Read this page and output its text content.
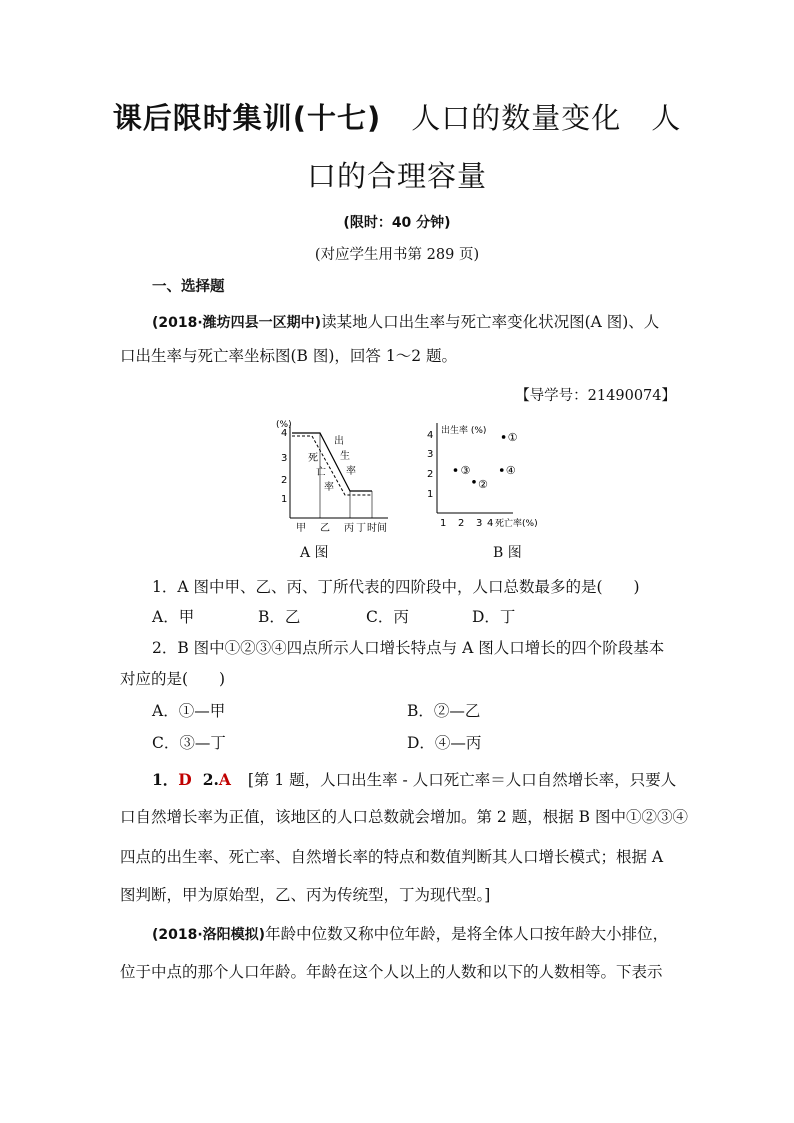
课后限时集训(十七) 人口的数量变化　人
口的合理容量
(限时：40 分钟)
(对应学生用书第 289 页)
一、选择题
(2018·潍坊四县一区期中)读某地人口出生率与死亡率变化状况图(A 图)、人
口出生率与死亡率坐标图(B 图)，回答 1～2 题。
【导学号：21490074】
(%)
4
3
2
1
出
生
率
死
亡
率
甲 乙 丙 丁 时间
A 图
出生率 (%)
死亡率(%)
4
3
2
1
1 2 3 4
①
②
③	④
B 图
1．A 图中甲、乙、丙、丁所代表的四阶段中，人口总数最多的是(　　)
A．甲	B．乙	C．丙	D．丁
2．B 图中①②③④四点所示人口增长特点与 A 图人口增长的四个阶段基本
对应的是(　　)
A．①—甲	B．②—乙
C．③—丁	D．④—丙
1．D 2.A [第 1 题，人口出生率 - 人口死亡率＝人口自然增长率，只要人
口自然增长率为正值，该地区的人口总数就会增加。第 2 题，根据 B 图中①②③④
四点的出生率、死亡率、自然增长率的特点和数值判断其人口增长模式；根据 A
图判断，甲为原始型，乙、丙为传统型，丁为现代型。]
(2018·洛阳模拟)年龄中位数又称中位年龄，是将全体人口按年龄大小排位，
位于中点的那个人口年龄。年龄在这个人以上的人数和以下的人数相等。下表示
